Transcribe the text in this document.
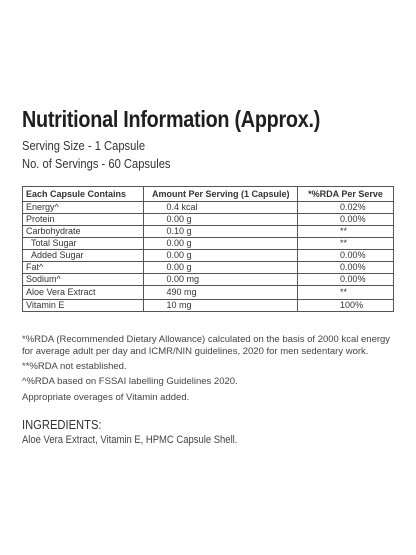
Nutritional Information (Approx.)
Serving Size - 1 Capsule
No. of Servings - 60 Capsules
Each Capsule Contains	Amount Per Serving (1 Capsule)	*%RDA Per Serve
Energy^	0.4 kcal	0.02%
Protein	0.00 g	0.00%
Carbohydrate	0.10 g	**
Total Sugar	0.00 g	**
Added Sugar	0.00 g	0.00%
Fat^	0.00 g	0.00%
Sodium^	0.00 mg	0.00%
Aloe Vera Extract	490 mg	**
Vitamin E	10 mg	100%
*%RDA (Recommended Dietary Allowance) calculated on the basis of 2000 kcal energy for average adult per day and ICMR/NIN guidelines, 2020 for men sedentary work.
**%RDA not established.
^%RDA based on FSSAI labelling Guidelines 2020.
Appropriate overages of Vitamin added.
INGREDIENTS:
Aloe Vera Extract, Vitamin E, HPMC Capsule Shell.
